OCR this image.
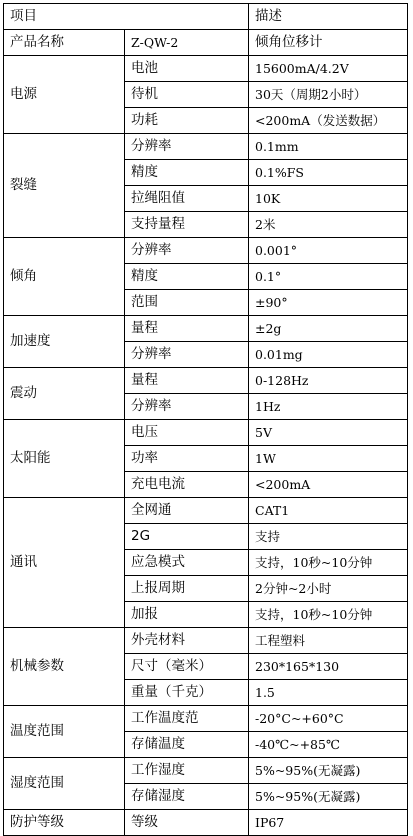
项目		描述
产品名称	Z-QW-2	倾角位移计
电源	电池	15600mA/4.2V
	待机	30天（周期2小时）
	功耗	<200mA（发送数据）
裂缝	分辨率	0.1mm
	精度	0.1%FS
	拉绳阻值	10K
	支持量程	2米
倾角	分辨率	0.001°
	精度	0.1°
	范围	±90°
加速度	量程	±2g
	分辨率	0.01mg
震动	量程	0-128Hz
	分辨率	1Hz
太阳能	电压	5V
	功率	1W
	充电电流	<200mA
通讯	全网通	CAT1
	2G	支持
	应急模式	支持，10秒~10分钟
	上报周期	2分钟~2小时
	加报	支持，10秒~10分钟
机械参数	外壳材料	工程塑料
	尺寸（毫米）	230*165*130
	重量（千克）	1.5
温度范围	工作温度范	-20°C~+60°C
	存储温度	-40℃~+85℃
湿度范围	工作湿度	5%~95%(无凝露)
	存储湿度	5%~95%(无凝露)
防护等级	等级	IP67
